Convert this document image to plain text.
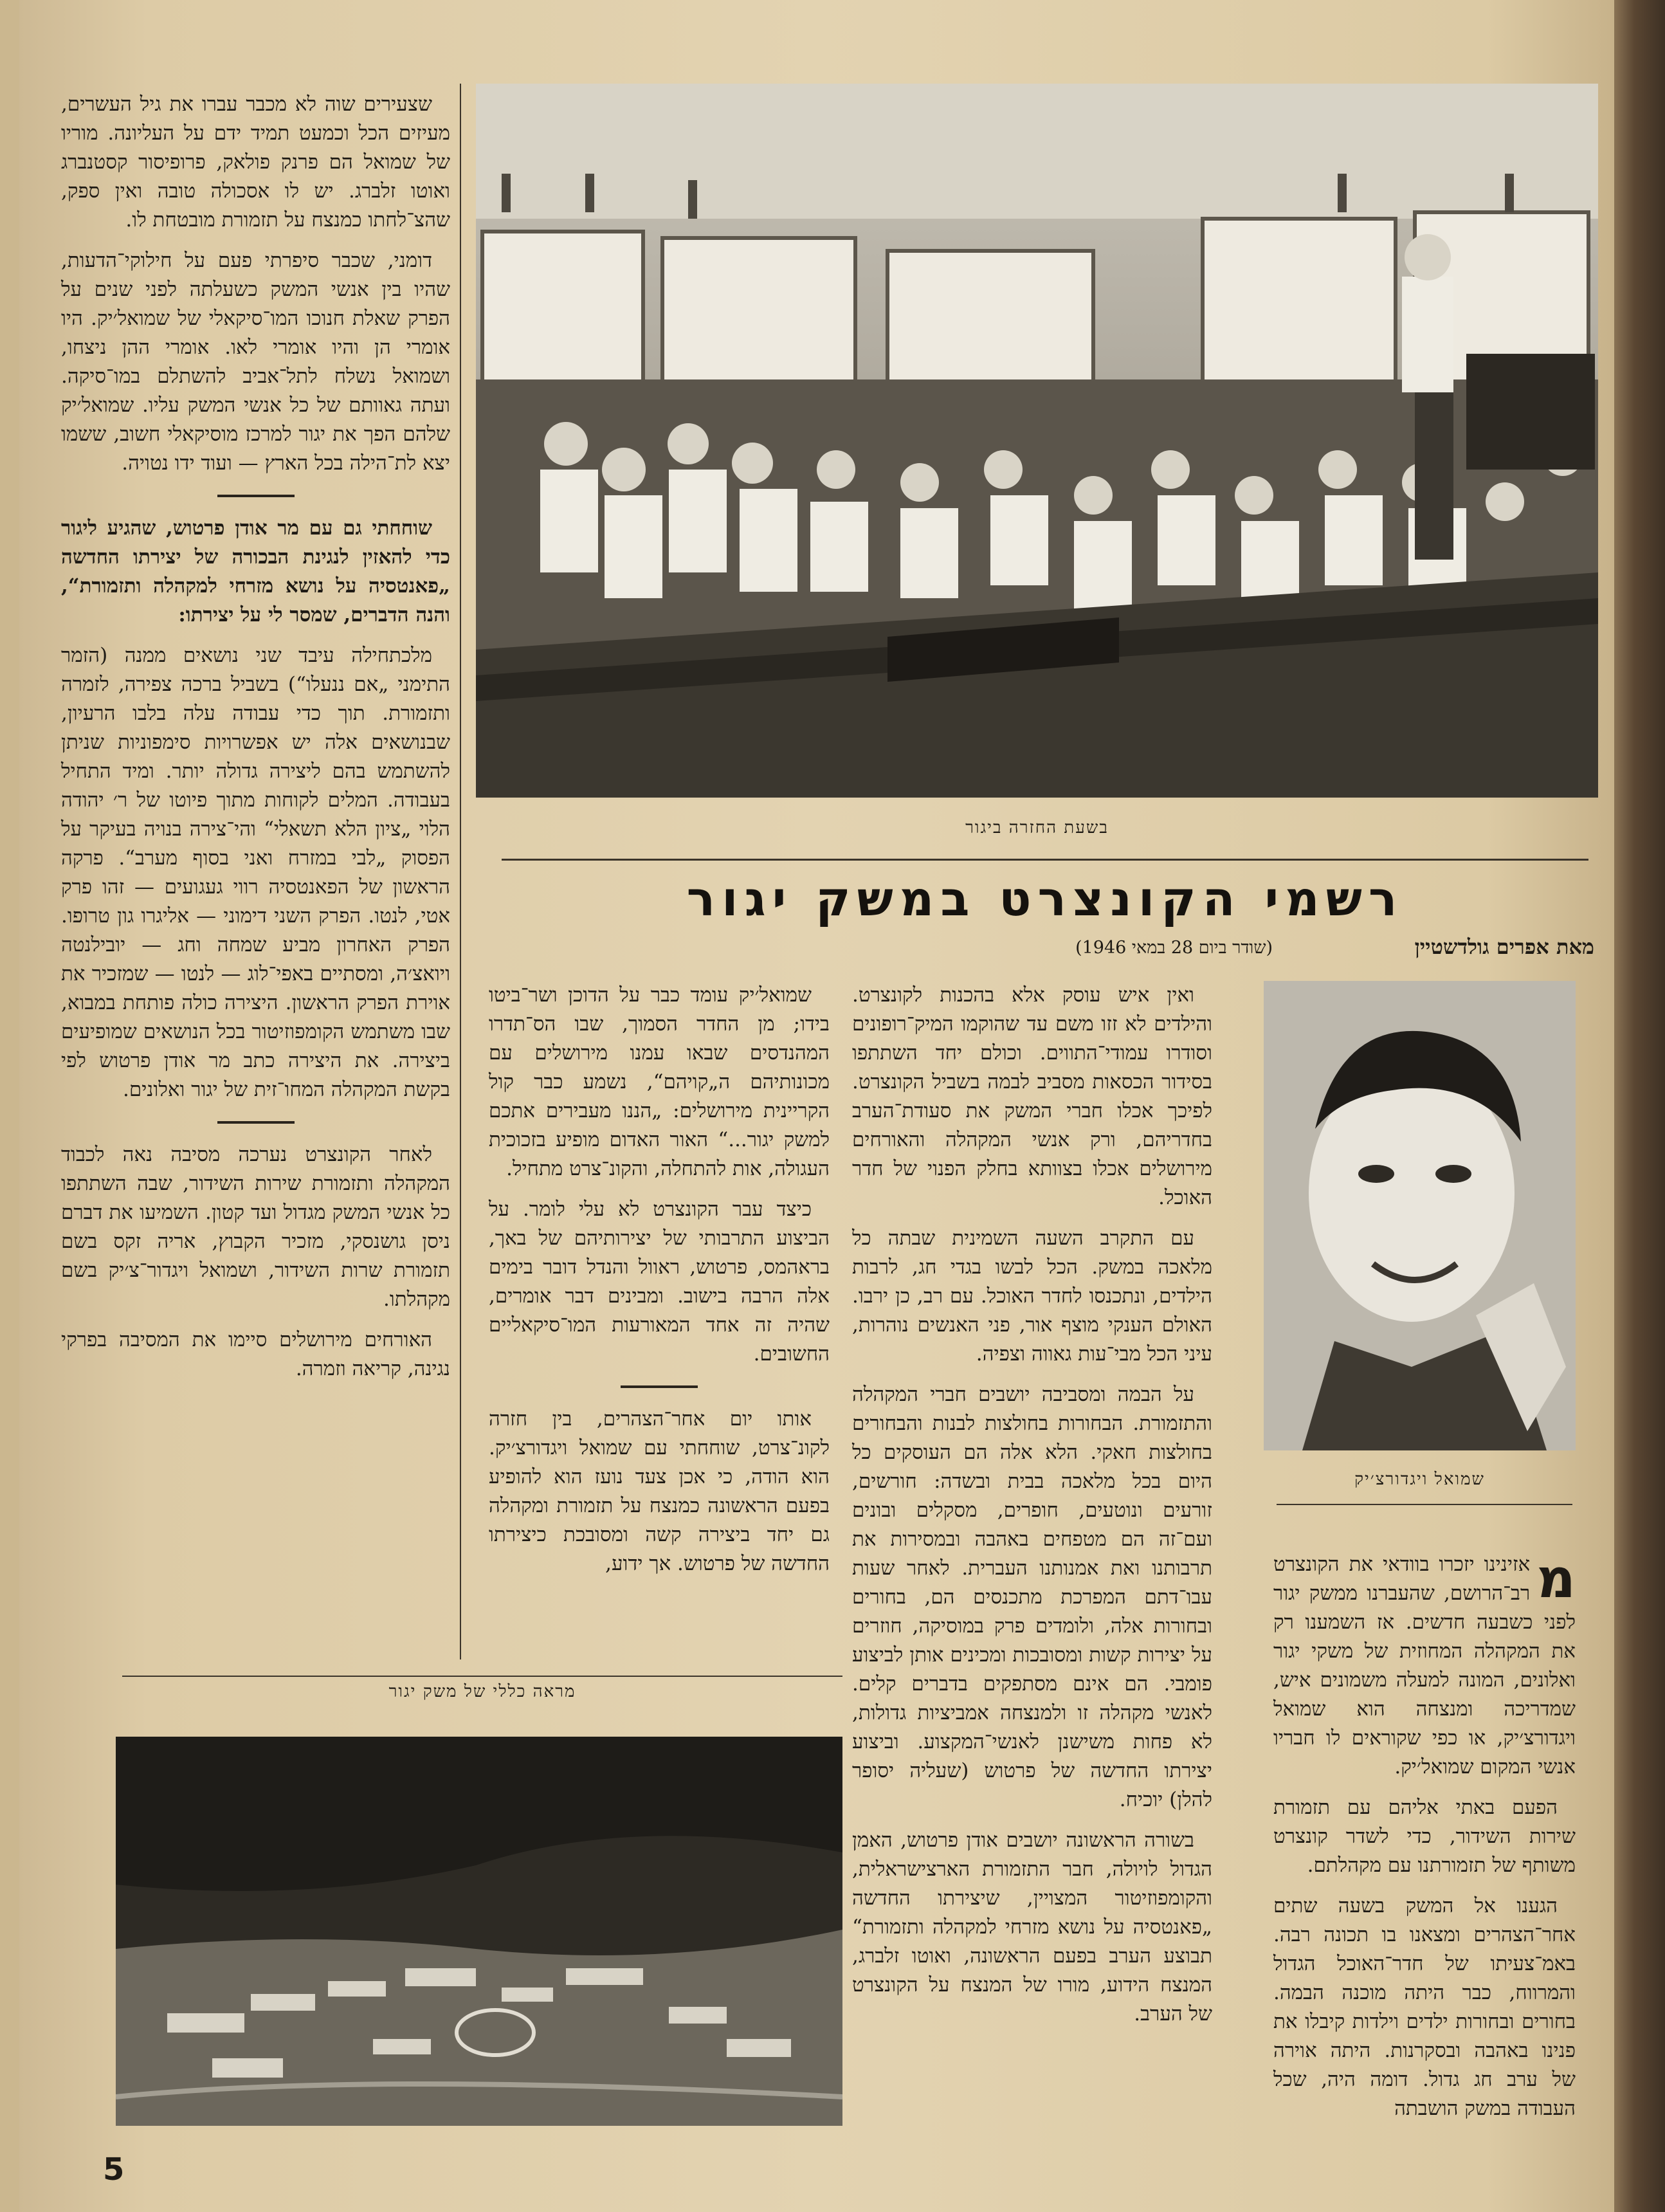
בשעת החזרה ביגור
רשמי הקונצרט במשק יגור
מאת אפרים גולדשטיין
(שודר ביום 28 במאי 1946)

שצעירים שוה לא מכבר עברו את גיל העשרים, מעיזים הכל וכמעט תמיד ידם על העליונה. מוריו של שמואל הם פרנק פולאק, פרופיסור קסטנברג ואוטו זלברג. יש לו אסכולה טובה ואין ספק, שהצ־לחתו כמנצח על תזמורת מובטחת לו.

דומני, שכבר סיפרתי פעם על חילוקי־הדעות, שהיו בין אנשי המשק כשעלתה לפני שנים על הפרק שאלת חנוכו המו־סיקאלי של שמואל׳יק. היו אומרי הן והיו אומרי לאו. אומרי ההן ניצחו, ושמואל נשלח לתל־אביב להשתלם במו־סיקה. ועתה גאוותם של כל אנשי המשק עליו. שמואל׳יק שלהם הפך את יגור למרכז מוסיקאלי חשוב, ששמו יצא לת־הילה בכל הארץ — ועוד ידו נטויה.

שוחחתי גם עם מר אודן פרטוש, שהגיע ליגור כדי להאזין לנגינת הבכורה של יצירתו החדשה „פאנטסיה על נושא מזרחי למקהלה ותזמורת“, והנה הדברים, שמסר לי על יצירתו:

מלכתחילה עיבד שני נושאים ממנה (הזמר התימני „אם ננעלו“) בשביל ברכה צפירה, לזמרה ותזמורת. תוך כדי עבודה עלה בלבו הרעיון, שבנושאים אלה יש אפשרויות סימפוניות שניתן להשתמש בהם ליצירה גדולה יותר. ומיד התחיל בעבודה. המלים לקוחות מתוך פיוטו של ר׳ יהודה הלוי „ציון הלא תשאלי“ והי־צירה בנויה בעיקר על הפסוק „לבי במזרח ואני בסוף מערב“. פרקה הראשון של הפאנטסיה רווי געגועים — זהו פרק אטי, לנטו. הפרק השני דימוני — אליגרו גון טרופו. הפרק האחרון מביע שמחה וחג — יובילנטה ויואצ׳ה, ומסתיים באפי־לוג — לנטו — שמזכיר את אוירת הפרק הראשון. היצירה כולה פותחת במבוא, שבו משתמש הקומפוזיטור בכל הנושאים שמופיעים ביצירה. את היצירה כתב מר אודן פרטוש לפי בקשת המקהלה המחו־זית של יגור ואלונים.

לאחר הקונצרט נערכה מסיבה נאה לכבוד המקהלה ותזמורת שירות השידור, שבה השתתפו כל אנשי המשק מגדול ועד קטון. השמיעו את דברם ניסן גושנסקי, מזכיר הקבוץ, אריה זקס בשם תזמורת שרות השידור, ושמואל ויגדור־צ׳יק בשם מקהלתו.

האורחים מירושלים סיימו את המסיבה בפרקי נגינה, קריאה וזמרה.

שמואל׳יק עומד כבר על הדוכן ושר־ביטו בידו; מן החדר הסמוך, שבו הס־תדרו המהנדסים שבאו עמנו מירושלים עם מכונותיהם ה„קויהם“, נשמע כבר קול הקריינית מירושלים: „הננו מעבירים אתכם למשק יגור...“ האור האדום מופיע בזכוכית העגולה, אות להתחלה, והקונ־צרט מתחיל.

כיצד עבר הקונצרט לא עלי לומר. על הביצוע התרבותי של יצירותיהם של באך, בראהמס, פרטוש, ראוול והנדל דובר בימים אלה הרבה בישוב. ומבינים דבר אומרים, שהיה זה אחד המאורעות המו־סיקאליים החשובים.

אותו יום אחר־הצהרים, בין חזרה לקונ־צרט, שוחחתי עם שמואל ויגדורצ׳יק. הוא הודה, כי אכן צעד נועז הוא להופיע בפעם הראשונה כמנצח על תזמורת ומקהלה גם יחד ביצירה קשה ומסובכת כיצירתו החדשה של פרטוש. אך ידוע,

ואין איש עוסק אלא בהכנות לקונצרט. והילדים לא זזו משם עד שהוקמו המיק־רופונים וסודרו עמודי־התווים. וכולם יחד השתתפו בסידור הכסאות מסביב לבמה בשביל הקונצרט. לפיכך אכלו חברי המשק את סעודת־הערב בחדריהם, ורק אנשי המקהלה והאורחים מירושלים אכלו בצוותא בחלק הפנוי של חדר האוכל.

עם התקרב השעה השמינית שבתה כל מלאכה במשק. הכל לבשו בגדי חג, לרבות הילדים, ונתכנסו לחדר האוכל. עם רב, כן ירבו. האולם הענקי מוצף אור, פני האנשים נוהרות, עיני הכל מבי־עות גאווה וצפיה.

על הבמה ומסביבה יושבים חברי המקהלה והתזמורת. הבחורות בחולצות לבנות והבחורים בחולצות חאקי. הלא אלה הם העוסקים כל היום בכל מלאכה בבית ובשדה: חורשים, זורעים ונוטעים, חופרים, מסקלים ובונים ועם־זה הם מטפחים באהבה ובמסירות את תרבותנו ואת אמנותנו העברית. לאחר שעות עבו־דתם המפרכת מתכנסים הם, בחורים ובחורות אלה, ולומדים פרק במוסיקה, חוזרים על יצירות קשות ומסובכות ומכינים אותן לביצוע פומבי. הם אינם מסתפקים בדברים קלים. לאנשי מקהלה זו ולמנצחה אמביציות גדולות, לא פחות משישנן לאנשי־המקצוע. וביצוע יצירתו החדשה של פרטוש (שעליה יסופר להלן) יוכיח.

בשורה הראשונה יושבים אודן פרטוש, האמן הגדול לויולה, חבר התזמורת הארצישראלית, והקומפוזיטור המצויין, שיצירתו החדשה „פאנטסיה על נושא מזרחי למקהלה ותזמורת“ תבוצע הערב בפעם הראשונה, ואוטו זלברג, המנצח הידוע, מורו של המנצח על הקונצרט של הערב.

שמואל ויגדורצ׳יק

מ
אזינינו יזכרו בוודאי את הקונצרט רב־הרושם, שהעברנו ממשק יגור לפני כשבעה חדשים. אז השמענו רק את המקהלה המחוזית של משקי יגור ואלונים, המונה למעלה משמונים איש, שמדריכה ומנצחה הוא שמואל ויגדורצ׳יק, או כפי שקוראים לו חבריו אנשי המקום שמואל׳יק.

הפעם באתי אליהם עם תזמורת שירות השידור, כדי לשדר קונצרט משותף של תזמורתנו עם מקהלתם.

הגענו אל המשק בשעה שתים אחר־הצהרים ומצאנו בו תכונה רבה. באמ־צעיתו של חדר־האוכל הגדול והמרווח, כבר היתה מוכנה הבמה. בחורים ובחורות ילדים וילדות קיבלו את פנינו באהבה ובסקרנות. היתה אוירה של ערב חג גדול. דומה היה, שכל העבודה במשק הושבתה

מראה כללי של משק יגור
5
